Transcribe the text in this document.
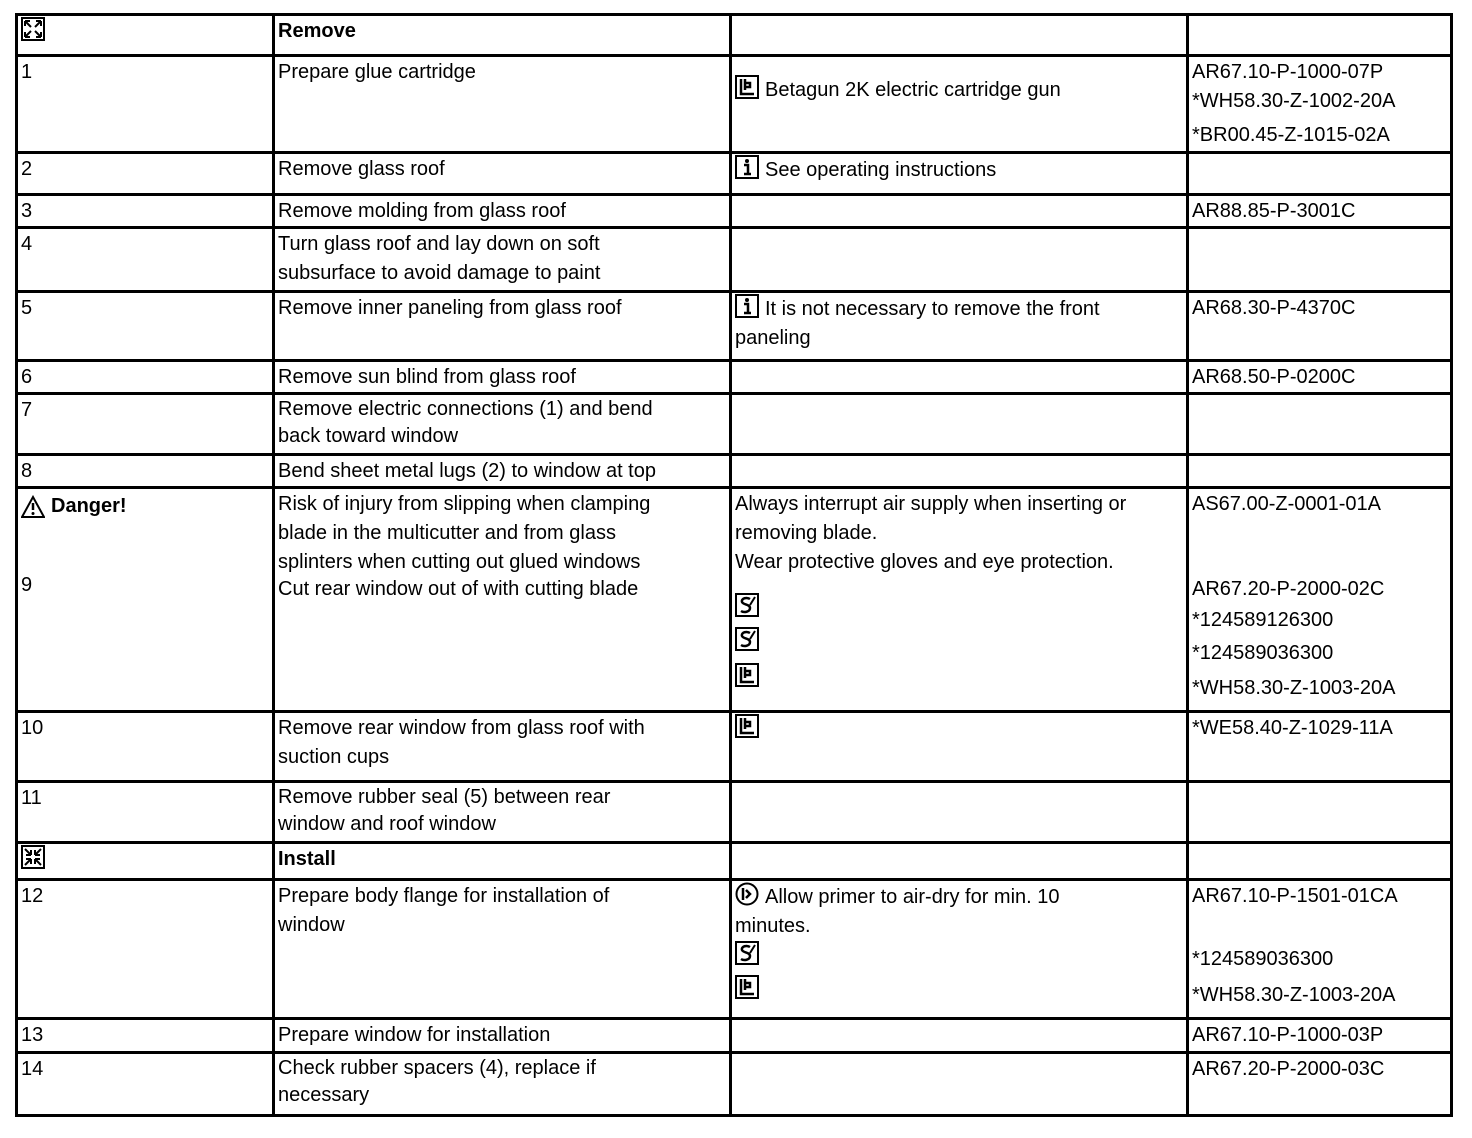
	Remove		
1	Prepare glue cartridge	Betagun 2K electric cartridge gun	AR67.10-P-1000-07P
*WH58.30-Z-1002-20A
*BR00.45-Z-1015-02A

2	Remove glass roof	See operating instructions	
3	Remove molding from glass roof		AR88.85-P-3001C
4	Turn glass roof and lay down on soft
subsurface to avoid damage to paint		

5	Remove inner paneling from glass roof	It is not necessary to remove the front
paneling	AR68.30-P-4370C
6	Remove sun blind from glass roof		AR68.50-P-0200C
7	Remove electric connections (1) and bend
back toward window		

8	Bend sheet metal lugs (2) to window at top		

Danger!
9	Risk of injury from slipping when clamping
blade in the multicutter and from glass
splinters when cutting out glued windows
Cut rear window out of with cutting blade	Always interrupt air supply when inserting or
removing blade.
Wear protective gloves and eye protection.	AS67.00-Z-0001-01A
AR67.20-P-2000-02C
*124589126300
*124589036300
*WH58.30-Z-1003-20A

10	Remove rear window from glass roof with
suction cups		*WE58.40-Z-1029-11A
11	Remove rubber seal (5) between rear
window and roof window		

	Install		
12	Prepare body flange for installation of
window	Allow primer to air-dry for min. 10
minutes.	AR67.10-P-1501-01CA
*124589036300
*WH58.30-Z-1003-20A

13	Prepare window for installation		AR67.10-P-1000-03P
14	Check rubber spacers (4), replace if
necessary		AR67.20-P-2000-03C
